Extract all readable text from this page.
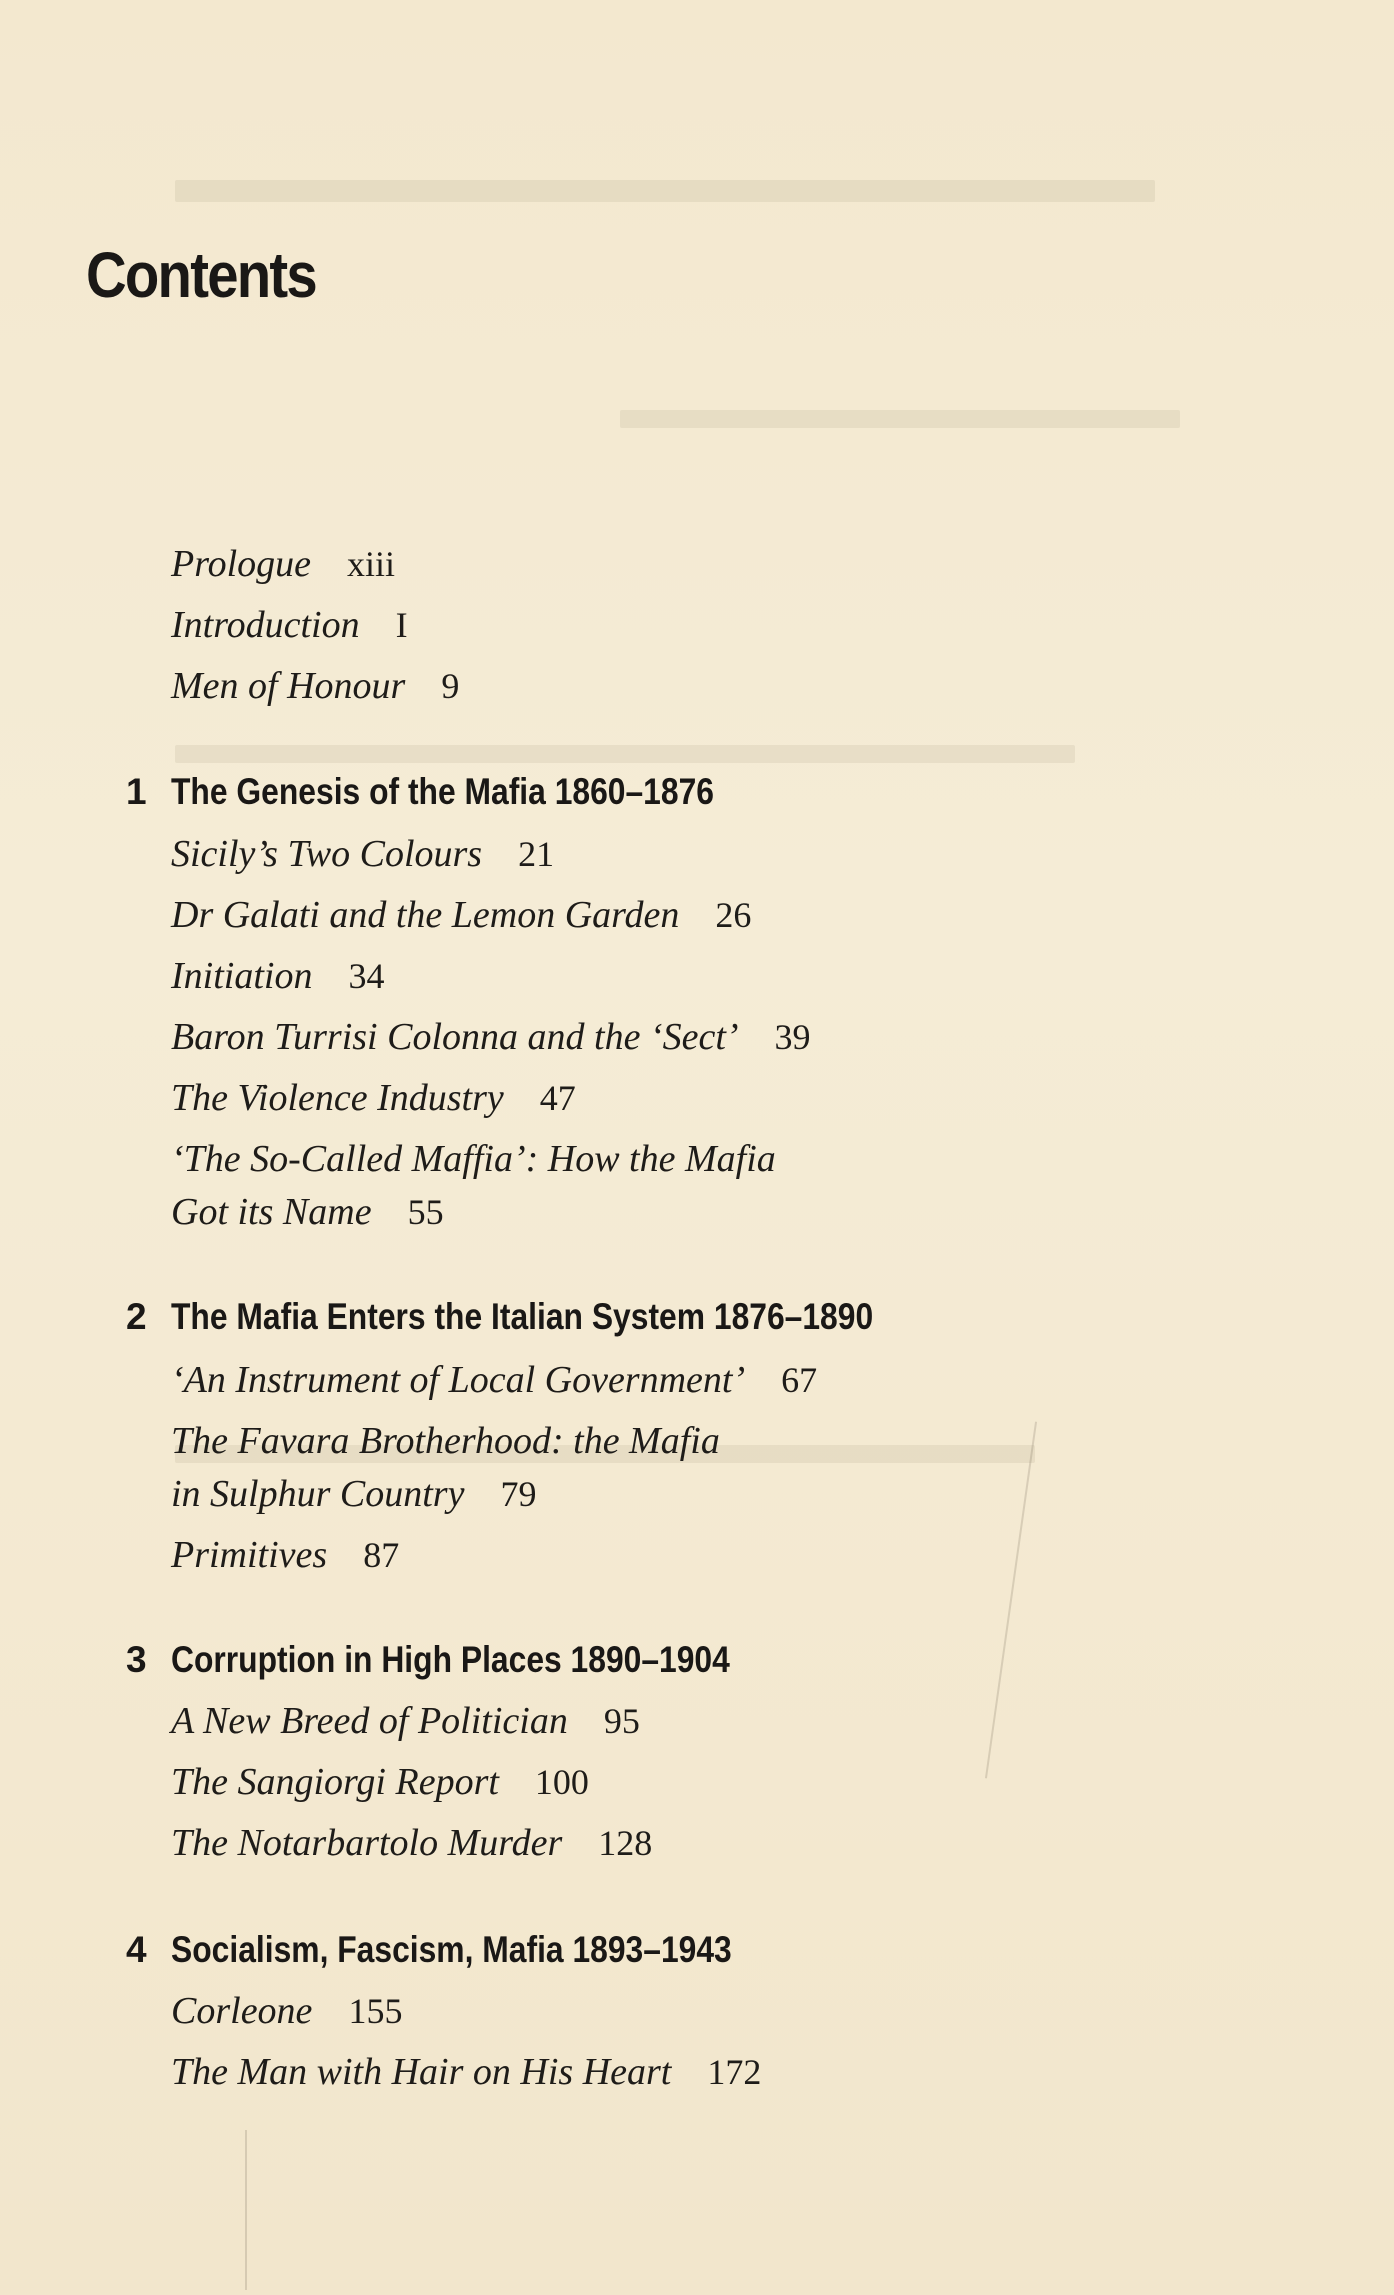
Contents
Prologue xiii
Introduction I
Men of Honour 9
1 The Genesis of the Mafia 1860–1876
Sicily’s Two Colours 21
Dr Galati and the Lemon Garden 26
Initiation 34
Baron Turrisi Colonna and the ‘Sect’ 39
The Violence Industry 47
‘The So-Called Maffia’: How the Mafia
Got its Name 55
2 The Mafia Enters the Italian System 1876–1890
‘An Instrument of Local Government’ 67
The Favara Brotherhood: the Mafia
in Sulphur Country 79
Primitives 87
3 Corruption in High Places 1890–1904
A New Breed of Politician 95
The Sangiorgi Report 100
The Notarbartolo Murder 128
4 Socialism, Fascism, Mafia 1893–1943
Corleone 155
The Man with Hair on His Heart 172
